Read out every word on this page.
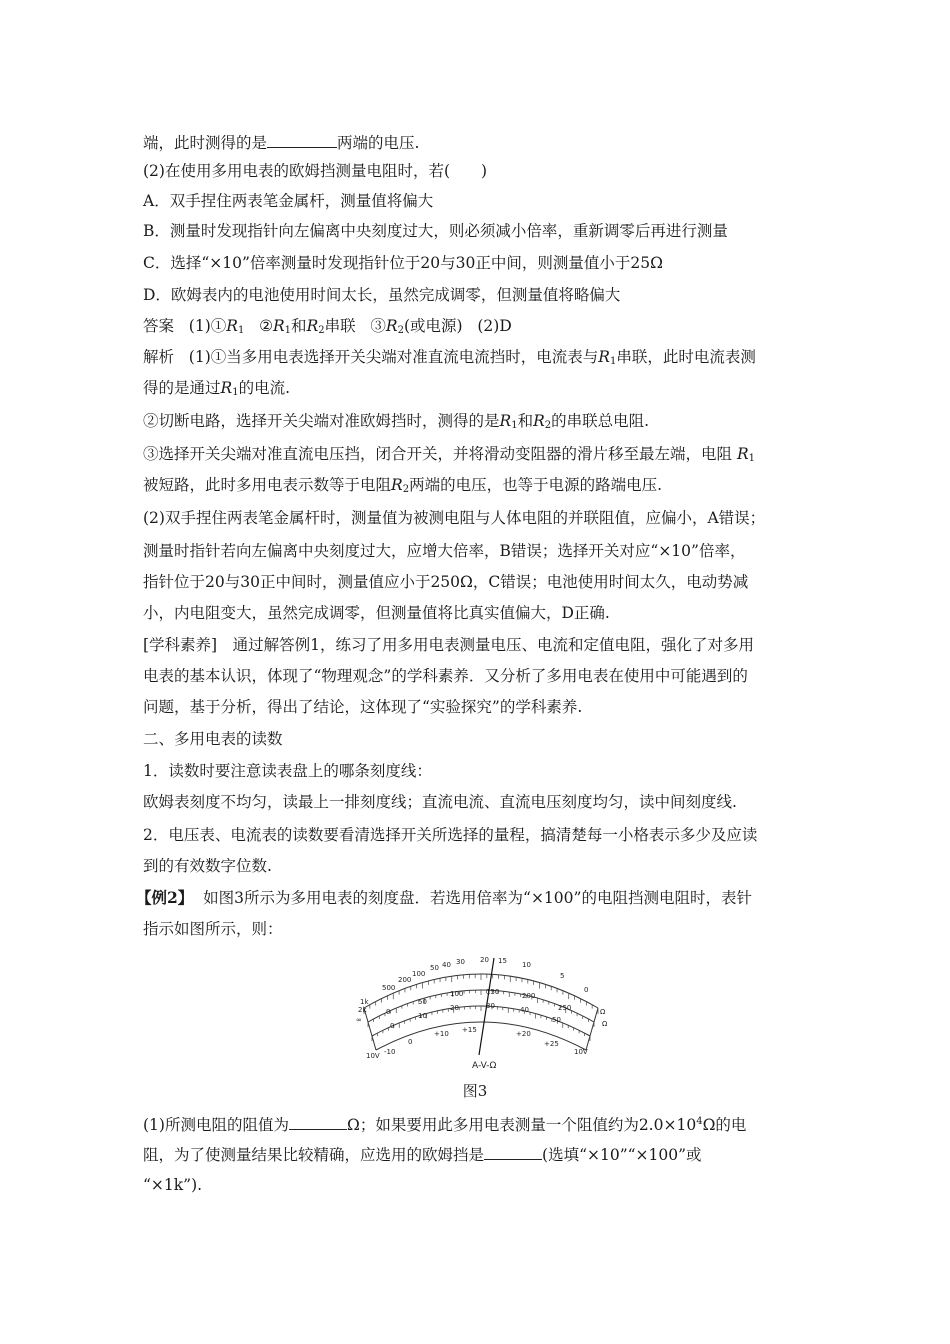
端，此时测得的是	两端的电压.
(2)在使用多用电表的欧姆挡测量电阻时，若(　　)
A．双手捏住两表笔金属杆，测量值将偏大
B．测量时发现指针向左偏离中央刻度过大，则必须减小倍率，重新调零后再进行测量
C．选择“×10”倍率测量时发现指针位于20与30正中间，则测量值小于25Ω
D．欧姆表内的电池使用时间太长，虽然完成调零，但测量值将略偏大
答案 $(1)①R_1$ $②R_1$和$R_2$串联 $③R_2$(或电源) (2)D
解析 (1)①当多用电表选择开关尖端对准直流电流挡时，电流表与$R_1$串联，此时电流表测
得的是通过$R_1$的电流.
②切断电路，选择开关尖端对准欧姆挡时，测得的是$R_1$和$R_2$的串联总电阻.
③选择开关尖端对准直流电压挡，闭合开关，并将滑动变阻器的滑片移至最左端，电阻 $R_1$
被短路，此时多用电表示数等于电阻$R_2$两端的电压，也等于电源的路端电压.
(2)双手捏住两表笔金属杆时，测量值为被测电阻与人体电阻的并联阻值，应偏小，A错误；
测量时指针若向左偏离中央刻度过大，应增大倍率，B错误；选择开关对应“×10”倍率，
指针位于20与30正中间时，测量值应小于250Ω，C错误；电池使用时间太久，电动势减
小，内电阻变大，虽然完成调零，但测量值将比真实值偏大，D正确.
[学科素养]　通过解答例1，练习了用多用电表测量电压、电流和定值电阻，强化了对多用
电表的基本认识，体现了“物理观念”的学科素养．又分析了多用电表在使用中可能遇到的
问题，基于分析，得出了结论，这体现了“实验探究”的学科素养.
二、多用电表的读数
1．读数时要注意读表盘上的哪条刻度线：
欧姆表刻度不均匀，读最上一排刻度线；直流电流、直流电压刻度均匀，读中间刻度线.
2．电压表、电流表的读数要看清选择开关所选择的量程，搞清楚每一小格表示多少及应读
到的有效数字位数.
【例2】 如图3所示为多用电表的刻度盘．若选用倍率为“×100”的电阻挡测电阻时，表针
指示如图所示，则：
1k
2k
∞
500
200
100
50 40 30 20 15 10
5
0
Ω
Ω
0
50
100	150	200
250
0
10
20	30	40
50
-10
0
+10 +15	+20
+25
10V	10V
A-V-Ω
图3
(1)所测电阻的阻值为	Ω；如果要用此多用电表测量一个阻值约为$2.0\times 10^4\Omega$的电
阻，为了使测量结果比较精确，应选用的欧姆挡是	(选填“×10”“×100”或
“×1k”).
